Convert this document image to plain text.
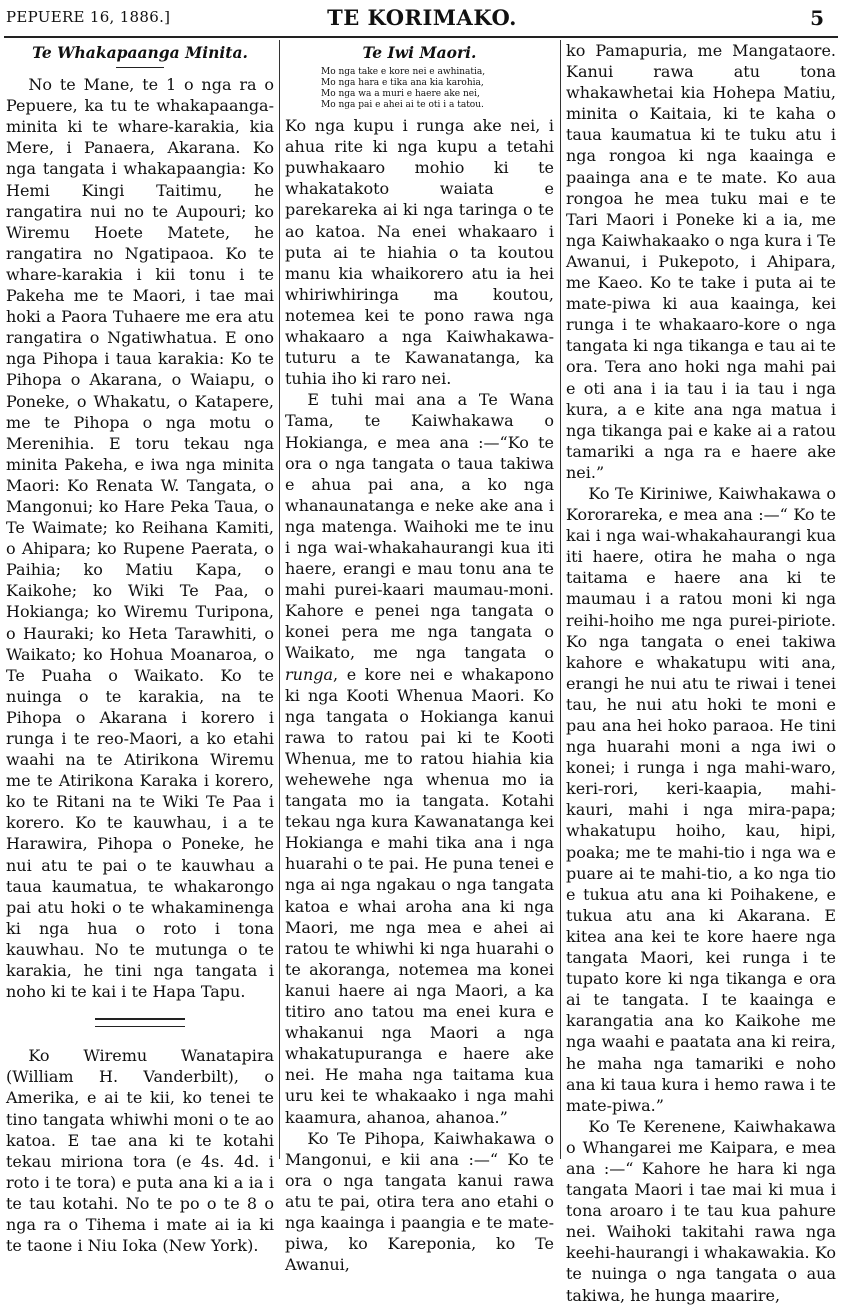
PEPUERE 16, 1886.]	TE KORIMAKO.	5
Te Whakapaanga Minita.

No te Mane, te 1 o nga ra o Pepuere, ka tu te whakapaanga-minita ki te whare-karakia, kia Mere, i Panaera, Akarana. Ko nga tangata i whakapaangia: Ko Hemi Kingi Taitimu, he rangatira nui no te Aupouri; ko Wiremu Hoete Matete, he rangatira no Ngatipaoa. Ko te whare-karakia i kii tonu i te Pakeha me te Maori, i tae mai hoki a Paora Tuhaere me era atu rangatira o Ngatiwhatua. E ono nga Pihopa i taua karakia: Ko te Pihopa o Akarana, o Waiapu, o Poneke, o Whakatu, o Katapere, me te Pihopa o nga motu o Merenihia. E toru tekau nga minita Pakeha, e iwa nga minita Maori: Ko Renata W. Tangata, o Mangonui; ko Hare Peka Taua, o Te Waimate; ko Reihana Kamiti, o Ahipara; ko Rupene Paerata, o Paihia; ko Matiu Kapa, o Kaikohe; ko Wiki Te Paa, o Hokianga; ko Wiremu Turipona, o Hauraki; ko Heta Tarawhiti, o Waikato; ko Hohua Moanaroa, o Te Puaha o Waikato. Ko te nuinga o te karakia, na te Pihopa o Akarana i korero i runga i te reo-Maori, a ko etahi waahi na te Atirikona Wiremu me te Atirikona Karaka i korero, ko te Ritani na te Wiki Te Paa i korero. Ko te kauwhau, i a te Harawira, Pihopa o Poneke, he nui atu te pai o te kauwhau a taua kaumatua, te whakarongo pai atu hoki o te whakaminenga ki nga hua o roto i tona kauwhau. No te mutunga o te karakia, he tini nga tangata i noho ki te kai i te Hapa Tapu.

Ko Wiremu Wanatapira (William H. Vanderbilt), o Amerika, e ai te kii, ko tenei te tino tangata whiwhi moni o te ao katoa. E tae ana ki te kotahi tekau miriona tora (e 4s. 4d. i roto i te tora) e puta ana ki a ia i te tau kotahi. No te po o te 8 o nga ra o Tihema i mate ai ia ki te taone i Niu Ioka (New York).

Te Iwi Maori.
Mo nga take e kore nei e awhinatia,
Mo nga hara e tika ana kia karohia,
Mo nga wa a muri e haere ake nei,
Mo nga pai e ahei ai te oti i a tatou.

Ko nga kupu i runga ake nei, i ahua rite ki nga kupu a tetahi puwhakaaro mohio ki te whakatakoto waiata e parekareka ai ki nga taringa o te ao katoa. Na enei whakaaro i puta ai te hiahia o ta koutou manu kia whaikorero atu ia hei whiriwhiringa ma koutou, notemea kei te pono rawa nga whakaaro a nga Kaiwhakawa-tuturu a te Kawanatanga, ka tuhia iho ki raro nei.

E tuhi mai ana a Te Wana Tama, te Kaiwhakawa o Hokianga, e mea ana :—“Ko te ora o nga tangata o taua takiwa e ahua pai ana, a ko nga whanaunatanga e neke ake ana i nga matenga. Waihoki me te inu i nga wai-whakahaurangi kua iti haere, erangi e mau tonu ana te mahi purei-kaari maumau-moni. Kahore e penei nga tangata o konei pera me nga tangata o Waikato, me nga tangata o runga, e kore nei e whakapono ki nga Kooti Whenua Maori. Ko nga tangata o Hokianga kanui rawa to ratou pai ki te Kooti Whenua, me to ratou hiahia kia wehewehe nga whenua mo ia tangata mo ia tangata. Kotahi tekau nga kura Kawanatanga kei Hokianga e mahi tika ana i nga huarahi o te pai. He puna tenei e nga ai nga ngakau o nga tangata katoa e whai aroha ana ki nga Maori, me nga mea e ahei ai ratou te whiwhi ki nga huarahi o te akoranga, notemea ma konei kanui haere ai nga Maori, a ka titiro ano tatou ma enei kura e whakanui nga Maori a nga whakatupuranga e haere ake nei. He maha nga taitama kua uru kei te whakaako i nga mahi kaamura, ahanoa, ahanoa.”

Ko Te Pihopa, Kaiwhakawa o Mangonui, e kii ana :—“ Ko te ora o nga tangata kanui rawa atu te pai, otira tera ano etahi o nga kaainga i paangia e te mate-piwa, ko Kareponia, ko Te Awanui,

ko Pamapuria, me Mangataore. Kanui rawa atu tona whakawhetai kia Hohepa Matiu, minita o Kaitaia, ki te kaha o taua kaumatua ki te tuku atu i nga rongoa ki nga kaainga e paainga ana e te mate. Ko aua rongoa he mea tuku mai e te Tari Maori i Poneke ki a ia, me nga Kaiwhakaako o nga kura i Te Awanui, i Pukepoto, i Ahipara, me Kaeo. Ko te take i puta ai te mate-piwa ki aua kaainga, kei runga i te whakaaro-kore o nga tangata ki nga tikanga e tau ai te ora. Tera ano hoki nga mahi pai e oti ana i ia tau i ia tau i nga kura, a e kite ana nga matua i nga tikanga pai e kake ai a ratou tamariki a nga ra e haere ake nei.”

Ko Te Kiriniwe, Kaiwhakawa o Kororareka, e mea ana :—“ Ko te kai i nga wai-whakahaurangi kua iti haere, otira he maha o nga taitama e haere ana ki te maumau i a ratou moni ki nga reihi-hoiho me nga purei-piriote. Ko nga tangata o enei takiwa kahore e whakatupu witi ana, erangi he nui atu te riwai i tenei tau, he nui atu hoki te moni e pau ana hei hoko paraoa. He tini nga huarahi moni a nga iwi o konei; i runga i nga mahi-waro, keri-rori, keri-kaapia, mahi-kauri, mahi i nga mira-papa; whakatupu hoiho, kau, hipi, poaka; me te mahi-tio i nga wa e puare ai te mahi-tio, a ko nga tio e tukua atu ana ki Poihakene, e tukua atu ana ki Akarana. E kitea ana kei te kore haere nga tangata Maori, kei runga i te tupato kore ki nga tikanga e ora ai te tangata. I te kaainga e karangatia ana ko Kaikohe me nga waahi e paatata ana ki reira, he maha nga tamariki e noho ana ki taua kura i hemo rawa i te mate-piwa.”

Ko Te Kerenene, Kaiwhakawa o Whangarei me Kaipara, e mea ana :—“ Kahore he hara ki nga tangata Maori i tae mai ki mua i tona aroaro i te tau kua pahure nei. Waihoki takitahi rawa nga keehi-haurangi i whakawakia. Ko te nuinga o nga tangata o aua takiwa, he hunga maarire,
